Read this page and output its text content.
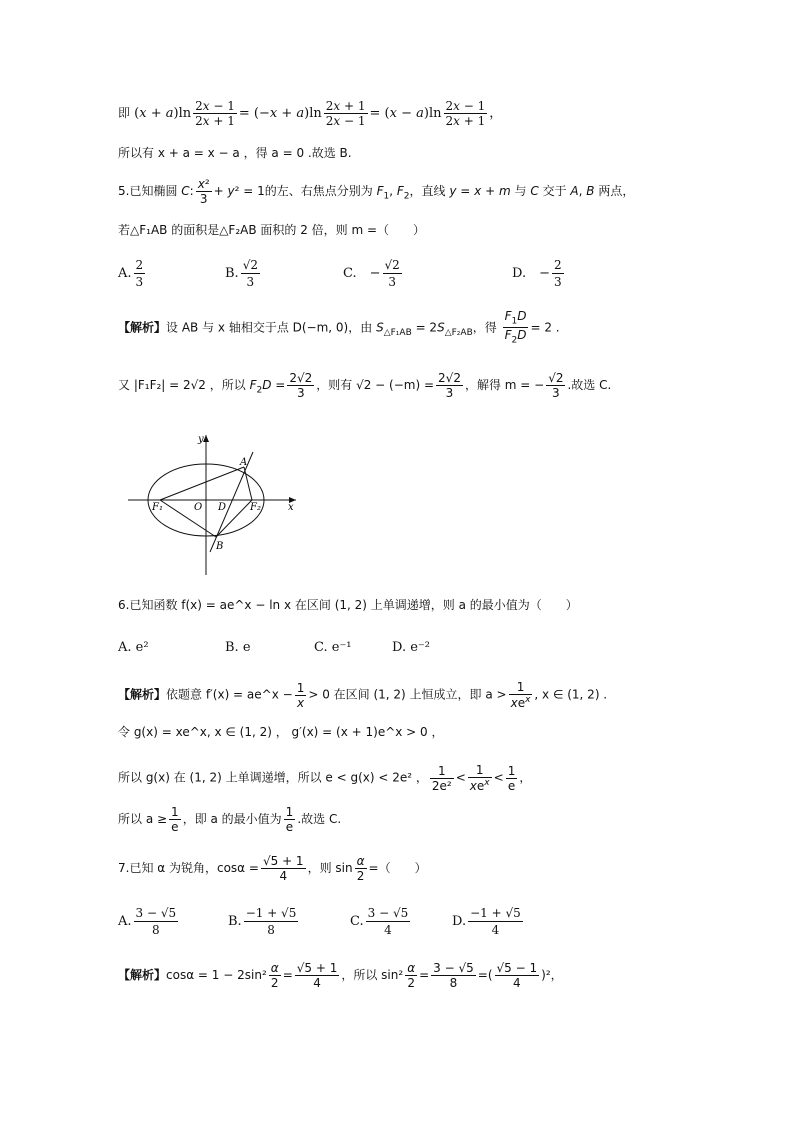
即 $(x + a)\ln \frac{2x - 1}{2x + 1} = (-x + a)\ln \frac{2x + 1}{2x - 1} = (x - a)\ln \frac{2x - 1}{2x + 1}$ ，
所以有 x + a = x − a ，得 a = 0 .故选 B.
5.已知椭圆 C: $\frac{\text{x²}}{3} + y^2 = 1$的左、右焦点分别为 $F_1$, $F_2$，直线 y = x + m 与 C 交于 A, B 两点，
若△F₁AB 的面积是△F₂AB 面积的 2 倍，则 m =（　　）
A. $\frac{2}{3}$	B. $\frac{√2}{3}$	C.　− $\frac{√2}{3}$	D.　− $\frac{2}{3}$
【解析】设 AB 与 x 轴相交于点 D(−m, 0)，由 $S_{\triangle F_1AB} = 2S_{\triangle F_2AB}$，得 $\frac{F_1D}{F_2D} = 2$ .
又 |F₁F₂| = 2√2 ，所以 $F_2D = \frac{2√2}{3}$ ，则有 $√2 - (-m) = \frac{2√2}{3}$ ，解得 m = − $\frac{√2}{3}$ .故选 C.
y
x
A
B
O D
F₁	F₂
6.已知函数 f(x) = ae^x − ln x 在区间 (1, 2) 上单调递增，则 a 的最小值为（　　）
A. e²	B. e	C. e⁻¹	D. e⁻²
【解析】依题意 f′(x) = ae^x − $\frac{1}{x} > 0$ 在区间 (1, 2) 上恒成立，即 $a > \frac{1}{xe^x}$ , x ∈ (1, 2) .
令 g(x) = xe^x, x ∈ (1, 2) ， g′(x) = (x + 1)e^x > 0 ，
所以 g(x) 在 (1, 2) 上单调递增，所以 e < g(x) < 2e² ， $\frac{1}{\text{2e²}} < \frac{1}{xe^x} < \frac{1}{e}$ ，
所以 $a \ge \frac{1}{e}$ ，即 a 的最小值为 $\frac{1}{e}$ .故选 C.
7.已知 α 为锐角，$\cos\alpha = \frac{√5 + 1}{4}$ ，则 $\sin \frac{\alpha}{2}$ =（　　）
A. $\frac{3 - √5}{8}$	B. $\frac{-1 + √5}{8}$	C. $\frac{3 - √5}{4}$	D. $\frac{-1 + √5}{4}$
【解析】$\cos\alpha = 1 - 2\sin^2 \frac{\alpha}{2} = \frac{√5 + 1}{4}$ ，所以 $\sin^2 \frac{\alpha}{2} = \frac{3 - √5}{8}$ =( $\frac{√5 - 1}{4} )^2$，
